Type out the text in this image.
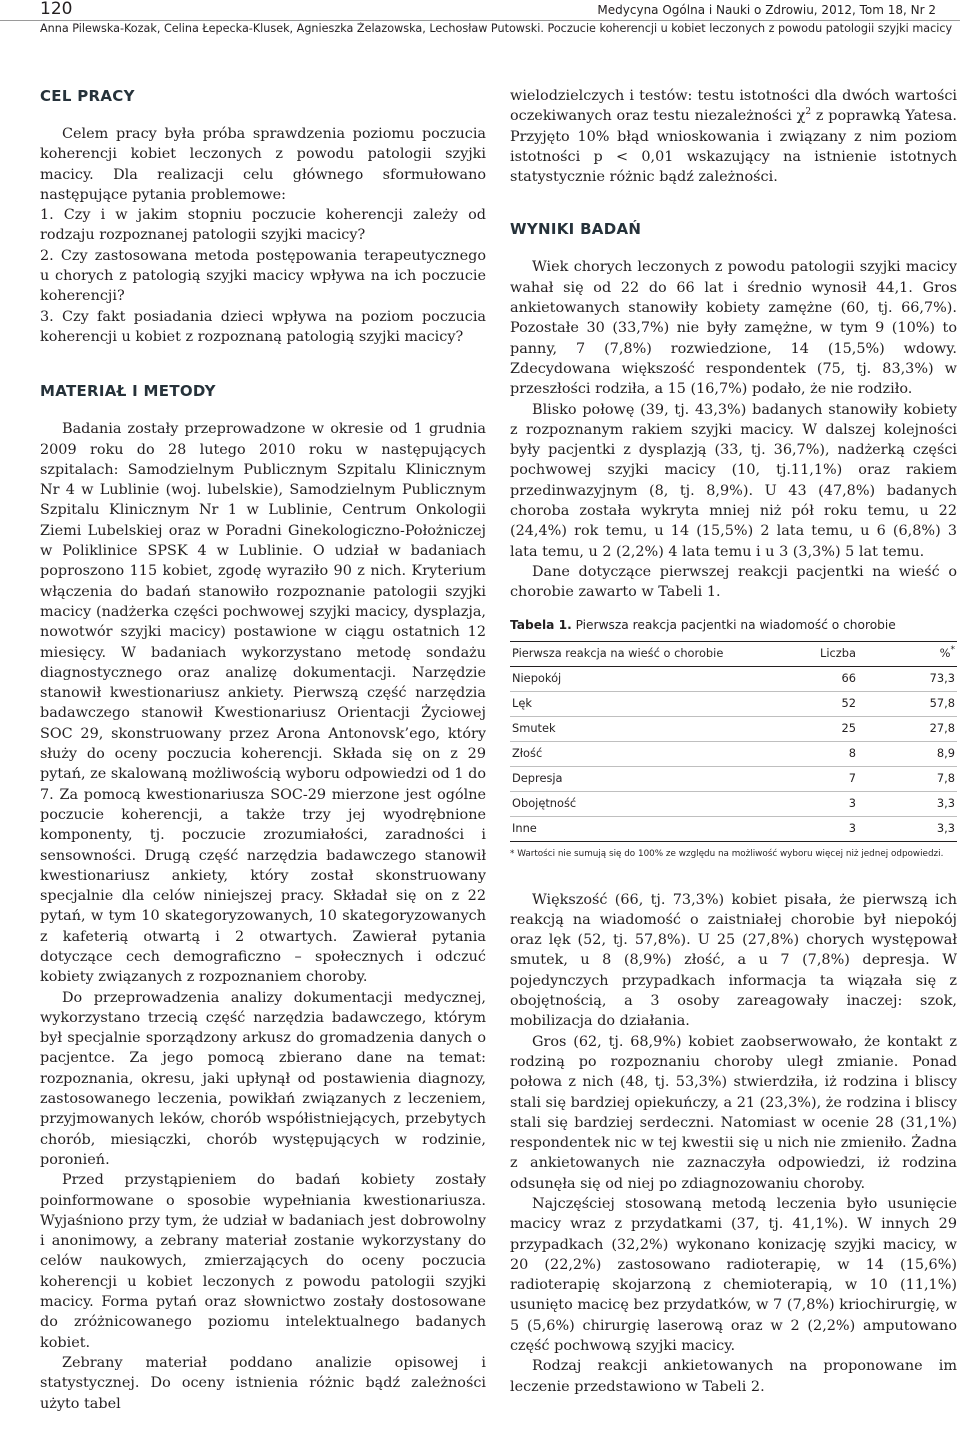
120	Medycyna Ogólna i Nauki o Zdrowiu, 2012, Tom 18, Nr 2
Anna Pilewska-Kozak, Celina Łepecka-Klusek, Agnieszka Żelazowska, Lechosław Putowski. Poczucie koherencji u kobiet leczonych z powodu patologii szyjki macicy
CEL PRACY

Celem pracy była próba sprawdzenia poziomu poczucia koherencji kobiet leczonych z powodu patologii szyjki macicy. Dla realizacji celu głównego sformułowano następujące pytania problemowe:

1. Czy i w jakim stopniu poczucie koherencji zależy od rodzaju rozpoznanej patologii szyjki macicy?

2. Czy zastosowana metoda postępowania terapeutycznego u chorych z patologią szyjki macicy wpływa na ich poczucie koherencji?

3. Czy fakt posiadania dzieci wpływa na poziom poczucia koherencji u kobiet z rozpoznaną patologią szyjki macicy?

MATERIAŁ I METODY

Badania zostały przeprowadzone w okresie od 1 grudnia 2009 roku do 28 lutego 2010 roku w następujących szpitalach: Samodzielnym Publicznym Szpitalu Klinicznym Nr 4 w Lublinie (woj. lubelskie), Samodzielnym Publicznym Szpitalu Klinicznym Nr 1 w Lublinie, Centrum Onkologii Ziemi Lubelskiej oraz w Poradni Ginekologiczno-Położniczej w Poliklinice SPSK 4 w Lublinie. O udział w badaniach poproszono 115 kobiet, zgodę wyraziło 90 z nich. Kryterium włączenia do badań stanowiło rozpoznanie patologii szyjki macicy (nadżerka części pochwowej szyjki macicy, dysplazja, nowotwór szyjki macicy) postawione w ciągu ostatnich 12 miesięcy. W badaniach wykorzystano metodę sondażu diagnostycznego oraz analizę dokumentacji. Narzędzie stanowił kwestionariusz ankiety. Pierwszą część narzędzia badawczego stanowił Kwestionariusz Orientacji Życiowej SOC 29, skonstruowany przez Arona Antonovsk’ego, który służy do oceny poczucia koherencji. Składa się on z 29 pytań, ze skalowaną możliwością wyboru odpowiedzi od 1 do 7. Za pomocą kwestionariusza SOC-29 mierzone jest ogólne poczucie koherencji, a także trzy jej wyodrębnione komponenty, tj. poczucie zrozumiałości, zaradności i sensowności. Drugą część narzędzia badawczego stanowił kwestionariusz ankiety, który został skonstruowany specjalnie dla celów niniejszej pracy. Składał się on z 22 pytań, w tym 10 skategoryzowanych, 10 skategoryzowanych z kafeterią otwartą i 2 otwartych. Zawierał pytania dotyczące cech demograficzno – społecznych i odczuć kobiety związanych z rozpoznaniem choroby.

Do przeprowadzenia analizy dokumentacji medycznej, wykorzystano trzecią część narzędzia badawczego, którym był specjalnie sporządzony arkusz do gromadzenia danych o pacjentce. Za jego pomocą zbierano dane na temat: rozpoznania, okresu, jaki upłynął od postawienia diagnozy, zastosowanego leczenia, powikłań związanych z leczeniem, przyjmowanych leków, chorób współistniejących, przebytych chorób, miesiączki, chorób występujących w rodzinie, poronień.

Przed przystąpieniem do badań kobiety zostały poinformowane o sposobie wypełniania kwestionariusza. Wyjaśniono przy tym, że udział w badaniach jest dobrowolny i anonimowy, a zebrany materiał zostanie wykorzystany do celów naukowych, zmierzających do oceny poczucia koherencji u kobiet leczonych z powodu patologii szyjki macicy. Forma pytań oraz słownictwo zostały dostosowane do zróżnicowanego poziomu intelektualnego badanych kobiet.

Zebrany materiał poddano analizie opisowej i statystycznej. Do oceny istnienia różnic bądź zależności użyto tabel

wielodzielczych i testów: testu istotności dla dwóch wartości oczekiwanych oraz testu niezależności $\chi^2$ z poprawką Yatesa. Przyjęto 10% błąd wnioskowania i związany z nim poziom istotności p < 0,01 wskazujący na istnienie istotnych statystycznie różnic bądź zależności.

WYNIKI BADAŃ

Wiek chorych leczonych z powodu patologii szyjki macicy wahał się od 22 do 66 lat i średnio wynosił 44,1. Gros ankietowanych stanowiły kobiety zamężne (60, tj. 66,7%). Pozostałe 30 (33,7%) nie były zamężne, w tym 9 (10%) to panny, 7 (7,8%) rozwiedzione, 14 (15,5%) wdowy. Zdecydowana większość respondentek (75, tj. 83,3%) w przeszłości rodziła, a 15 (16,7%) podało, że nie rodziło.

Blisko połowę (39, tj. 43,3%) badanych stanowiły kobiety z rozpoznanym rakiem szyjki macicy. W dalszej kolejności były pacjentki z dysplazją (33, tj. 36,7%), nadżerką części pochwowej szyjki macicy (10, tj.11,1%) oraz rakiem przedinwazyjnym (8, tj. 8,9%). U 43 (47,8%) badanych choroba została wykryta mniej niż pół roku temu, u 22 (24,4%) rok temu, u 14 (15,5%) 2 lata temu, u 6 (6,8%) 3 lata temu, u 2 (2,2%) 4 lata temu i u 3 (3,3%) 5 lat temu.

Dane dotyczące pierwszej reakcji pacjentki na wieść o chorobie zawarto w Tabeli 1.

Tabela 1. Pierwsza reakcja pacjentki na wiadomość o chorobie

Pierwsza reakcja na wieść o chorobie	Liczba	%*
Niepokój	66	73,3
Lęk	52	57,8
Smutek	25	27,8
Złość	8	8,9
Depresja	7	7,8
Obojętność	3	3,3
Inne	3	3,3

* Wartości nie sumują się do 100% ze względu na możliwość wyboru więcej niż jednej odpowiedzi.

Większość (66, tj. 73,3%) kobiet pisała, że pierwszą ich reakcją na wiadomość o zaistniałej chorobie był niepokój oraz lęk (52, tj. 57,8%). U 25 (27,8%) chorych występował smutek, u 8 (8,9%) złość, a u 7 (7,8%) depresja. W pojedynczych przypadkach informacja ta wiązała się z obojętnością, a 3 osoby zareagowały inaczej: szok, mobilizacja do działania.

Gros (62, tj. 68,9%) kobiet zaobserwowało, że kontakt z rodziną po rozpoznaniu choroby uległ zmianie. Ponad połowa z nich (48, tj. 53,3%) stwierdziła, iż rodzina i bliscy stali się bardziej opiekuńczy, a 21 (23,3%), że rodzina i bliscy stali się bardziej serdeczni. Natomiast w ocenie 28 (31,1%) respondentek nic w tej kwestii się u nich nie zmieniło. Żadna z ankietowanych nie zaznaczyła odpowiedzi, iż rodzina odsunęła się od niej po zdiagnozowaniu choroby.

Najczęściej stosowaną metodą leczenia było usunięcie macicy wraz z przydatkami (37, tj. 41,1%). W innych 29 przypadkach (32,2%) wykonano konizację szyjki macicy, w 20 (22,2%) zastosowano radioterapię, w 14 (15,6%) radioterapię skojarzoną z chemioterapią, w 10 (11,1%) usunięto macicę bez przydatków, w 7 (7,8%) kriochirurgię, w 5 (5,6%) chirurgię laserową oraz w 2 (2,2%) amputowano część pochwową szyjki macicy.

Rodzaj reakcji ankietowanych na proponowane im leczenie przedstawiono w Tabeli 2.
